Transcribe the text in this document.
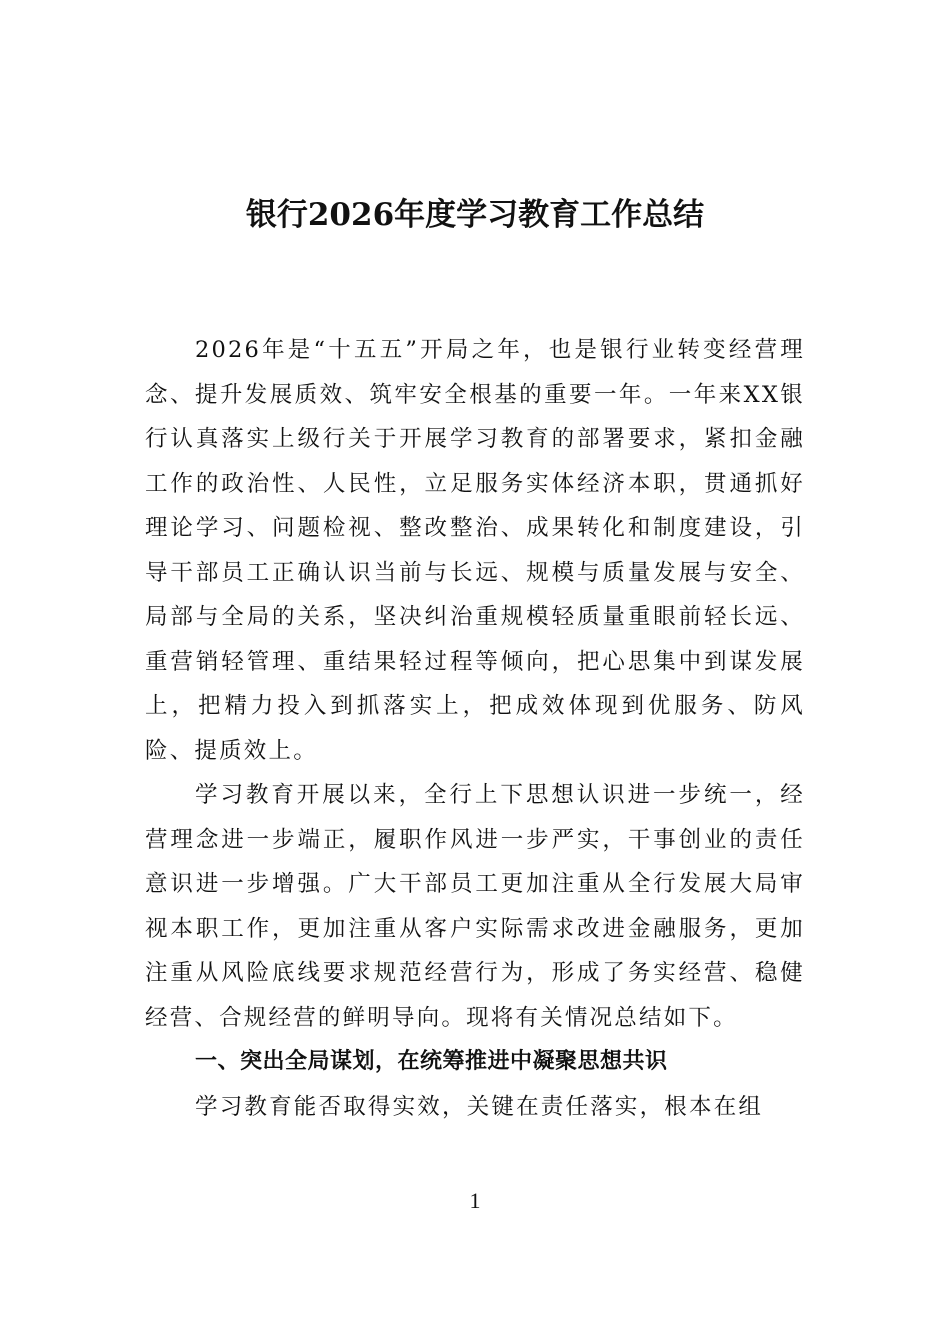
银行2026年度学习教育工作总结

2026年是“十五五”开局之年，也是银行业转变经营理念、提升发展质效、筑牢安全根基的重要一年。一年来XX银行认真落实上级行关于开展学习教育的部署要求，紧扣金融工作的政治性、人民性，立足服务实体经济本职，贯通抓好理论学习、问题检视、整改整治、成果转化和制度建设，引导干部员工正确认识当前与长远、规模与质量发展与安全、局部与全局的关系，坚决纠治重规模轻质量重眼前轻长远、重营销轻管理、重结果轻过程等倾向，把心思集中到谋发展上，把精力投入到抓落实上，把成效体现到优服务、防风险、提质效上。

学习教育开展以来，全行上下思想认识进一步统一，经营理念进一步端正，履职作风进一步严实，干事创业的责任意识进一步增强。广大干部员工更加注重从全行发展大局审视本职工作，更加注重从客户实际需求改进金融服务，更加注重从风险底线要求规范经营行为，形成了务实经营、稳健经营、合规经营的鲜明导向。现将有关情况总结如下。

一、突出全局谋划，在统筹推进中凝聚思想共识

学习教育能否取得实效，关键在责任落实，根本在组

1
